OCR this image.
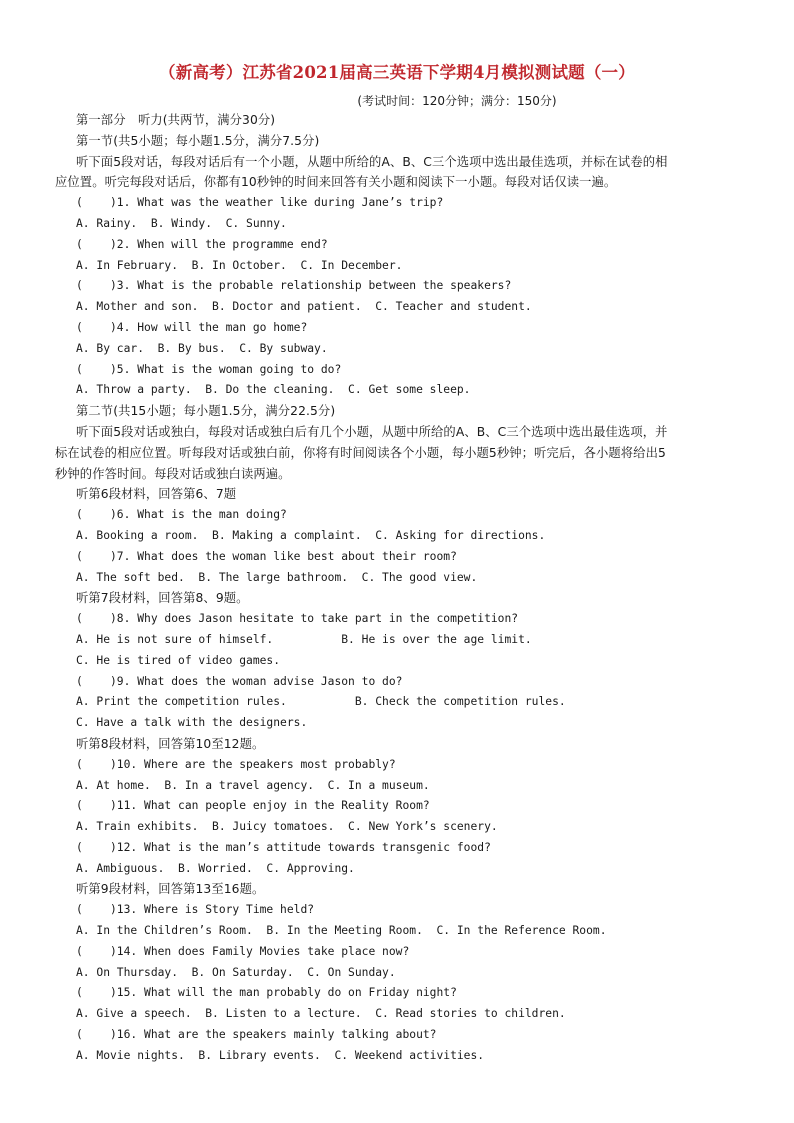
（新高考）江苏省2021届高三英语下学期4月模拟测试题（一）
(考试时间：120分钟；满分：150分)
第一部分　听力(共两节，满分30分)
第一节(共5小题；每小题1.5分，满分7.5分)
听下面5段对话，每段对话后有一个小题，从题中所给的A、B、C三个选项中选出最佳选项，并标在试卷的相
应位置。听完每段对话后，你都有10秒钟的时间来回答有关小题和阅读下一小题。每段对话仅读一遍。
(    )1. What was the weather like during Jane’s trip?
A. Rainy.  B. Windy.  C. Sunny.
(    )2. When will the programme end?
A. In February.  B. In October.  C. In December.
(    )3. What is the probable relationship between the speakers?
A. Mother and son.  B. Doctor and patient.  C. Teacher and student.
(    )4. How will the man go home?
A. By car.  B. By bus.  C. By subway.
(    )5. What is the woman going to do?
A. Throw a party.  B. Do the cleaning.  C. Get some sleep.
第二节(共15小题；每小题1.5分，满分22.5分)
听下面5段对话或独白，每段对话或独白后有几个小题，从题中所给的A、B、C三个选项中选出最佳选项，并
标在试卷的相应位置。听每段对话或独白前，你将有时间阅读各个小题，每小题5秒钟；听完后，各小题将给出5
秒钟的作答时间。每段对话或独白读两遍。
听第6段材料，回答第6、7题
(    )6. What is the man doing?
A. Booking a room.  B. Making a complaint.  C. Asking for directions.
(    )7. What does the woman like best about their room?
A. The soft bed.  B. The large bathroom.  C. The good view.
听第7段材料，回答第8、9题。
(    )8. Why does Jason hesitate to take part in the competition?
A. He is not sure of himself.          B. He is over the age limit.
C. He is tired of video games.
(    )9. What does the woman advise Jason to do?
A. Print the competition rules.          B. Check the competition rules.
C. Have a talk with the designers.
听第8段材料，回答第10至12题。
(    )10. Where are the speakers most probably?
A. At home.  B. In a travel agency.  C. In a museum.
(    )11. What can people enjoy in the Reality Room?
A. Train exhibits.  B. Juicy tomatoes.  C. New York’s scenery.
(    )12. What is the man’s attitude towards transgenic food?
A. Ambiguous.  B. Worried.  C. Approving.
听第9段材料，回答第13至16题。
(    )13. Where is Story Time held?
A. In the Children’s Room.  B. In the Meeting Room.  C. In the Reference Room.
(    )14. When does Family Movies take place now?
A. On Thursday.  B. On Saturday.  C. On Sunday.
(    )15. What will the man probably do on Friday night?
A. Give a speech.  B. Listen to a lecture.  C. Read stories to children.
(    )16. What are the speakers mainly talking about?
A. Movie nights.  B. Library events.  C. Weekend activities.
